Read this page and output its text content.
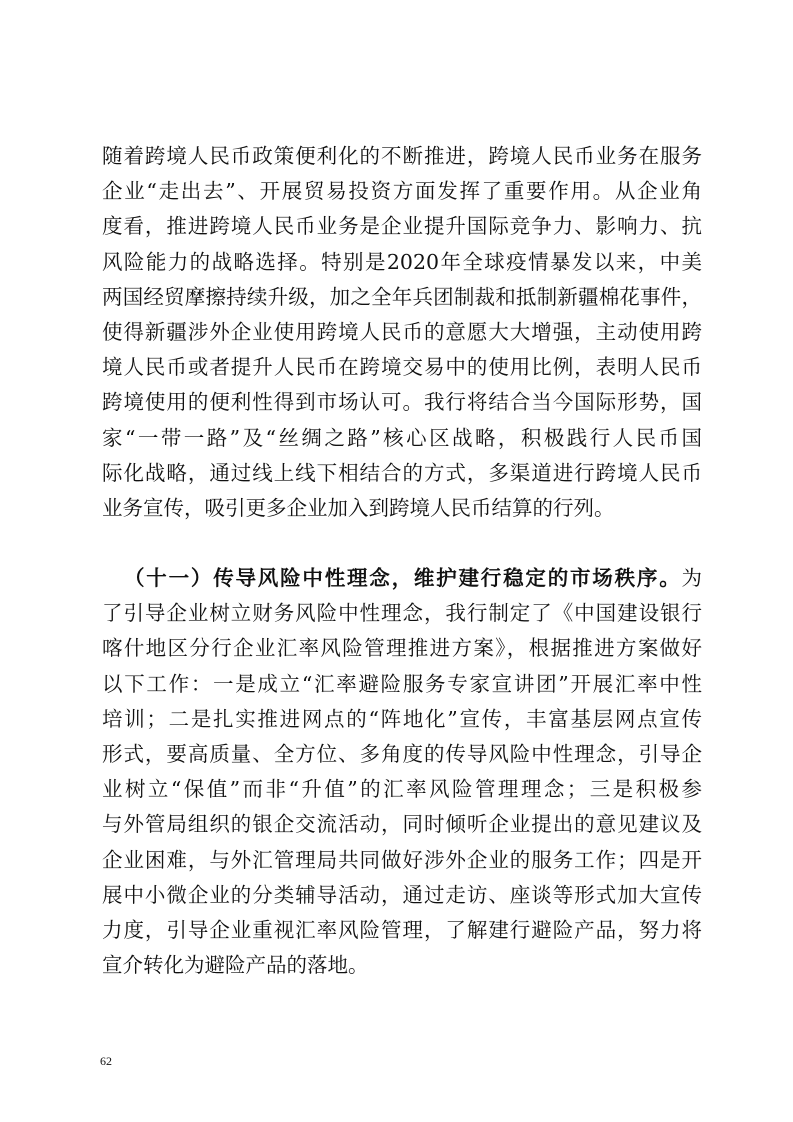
随着跨境人民币政策便利化的不断推进，跨境人民币业务在服务
企业“走出去”、开展贸易投资方面发挥了重要作用。从企业角
度看，推进跨境人民币业务是企业提升国际竞争力、影响力、抗
风险能力的战略选择。特别是2020年全球疫情暴发以来，中美
两国经贸摩擦持续升级，加之全年兵团制裁和抵制新疆棉花事件，
使得新疆涉外企业使用跨境人民币的意愿大大增强，主动使用跨
境人民币或者提升人民币在跨境交易中的使用比例，表明人民币
跨境使用的便利性得到市场认可。我行将结合当今国际形势，国
家“一带一路”及“丝绸之路”核心区战略，积极践行人民币国
际化战略，通过线上线下相结合的方式，多渠道进行跨境人民币
业务宣传，吸引更多企业加入到跨境人民币结算的行列。
（十一）传导风险中性理念，维护建行稳定的市场秩序。为
了引导企业树立财务风险中性理念，我行制定了《中国建设银行
喀什地区分行企业汇率风险管理推进方案》，根据推进方案做好
以下工作：一是成立“汇率避险服务专家宣讲团”开展汇率中性
培训；二是扎实推进网点的“阵地化”宣传，丰富基层网点宣传
形式，要高质量、全方位、多角度的传导风险中性理念，引导企
业树立“保值”而非“升值”的汇率风险管理理念；三是积极参
与外管局组织的银企交流活动，同时倾听企业提出的意见建议及
企业困难，与外汇管理局共同做好涉外企业的服务工作；四是开
展中小微企业的分类辅导活动，通过走访、座谈等形式加大宣传
力度，引导企业重视汇率风险管理，了解建行避险产品，努力将
宣介转化为避险产品的落地。
62
